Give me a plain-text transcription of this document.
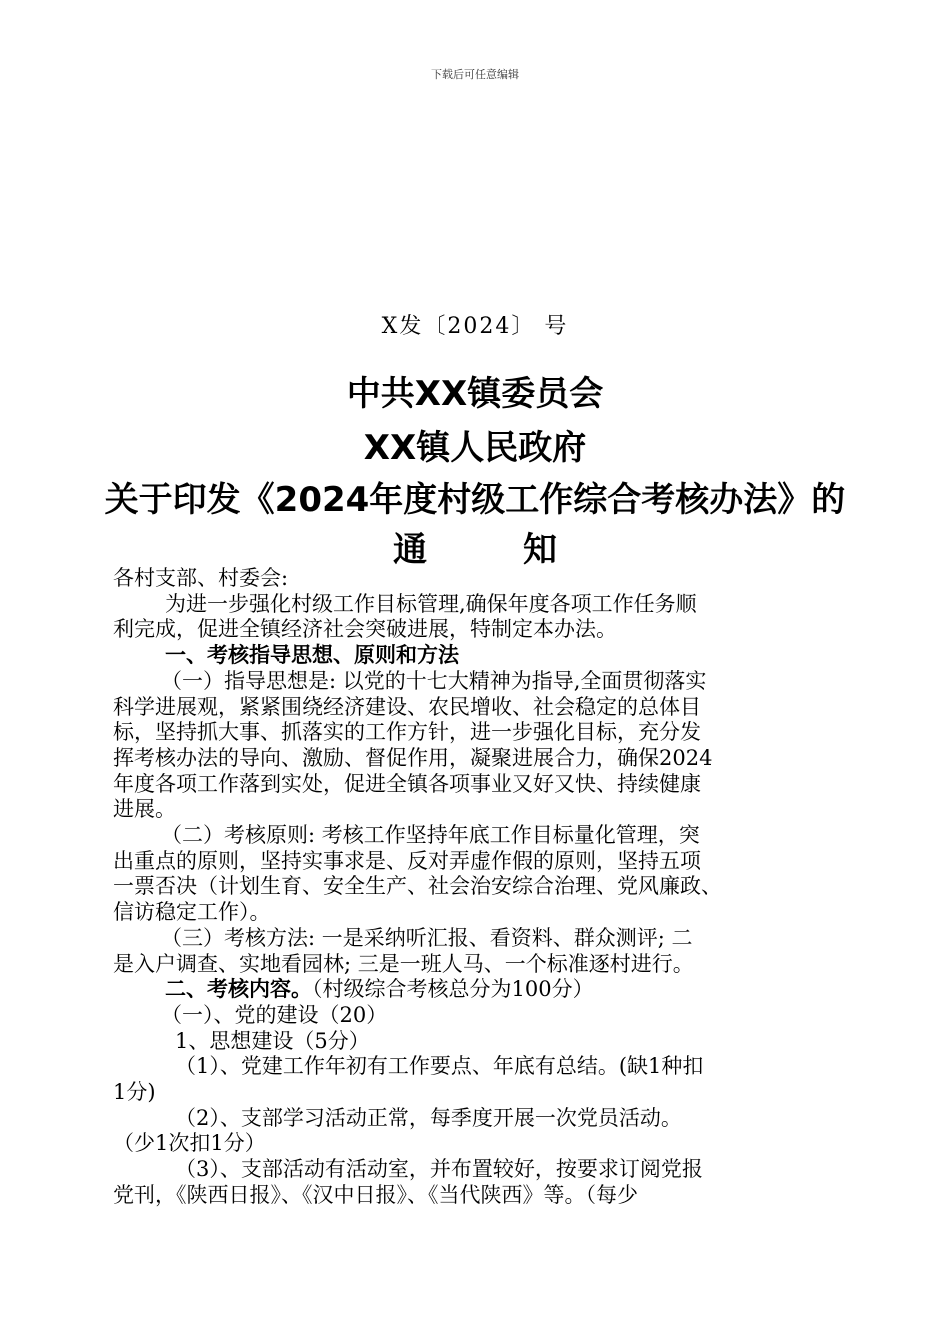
下载后可任意编辑
X发〔2024〕 号
中共XX镇委员会
XX镇人民政府
关于印发《2024年度村级工作综合考核办法》的
通知

各村支部、村委会:

为进一步强化村级工作目标管理,确保年度各项工作任务顺

利完成，促进全镇经济社会突破进展，特制定本办法。

一、考核指导思想、原则和方法

（一）指导思想是: 以党的十七大精神为指导,全面贯彻落实

科学进展观，紧紧围绕经济建设、农民增收、社会稳定的总体目

标，坚持抓大事、抓落实的工作方针，进一步强化目标，充分发

挥考核办法的导向、激励、督促作用，凝聚进展合力，确保2024

年度各项工作落到实处，促进全镇各项事业又好又快、持续健康

进展。

（二）考核原则: 考核工作坚持年底工作目标量化管理，突

出重点的原则，坚持实事求是、反对弄虚作假的原则，坚持五项

一票否决（计划生育、安全生产、社会治安综合治理、党风廉政、

信访稳定工作）。

（三）考核方法: 一是采纳听汇报、看资料、群众测评; 二

是入户调查、实地看园林; 三是一班人马、一个标准逐村进行。

二、考核内容。（村级综合考核总分为100分）

（一）、党的建设（20）

1、思想建设（5分）

（1）、党建工作年初有工作要点、年底有总结。(缺1种扣

1分)

（2）、支部学习活动正常，每季度开展一次党员活动。

（少1次扣1分）

（3）、支部活动有活动室，并布置较好，按要求订阅党报

党刊，《陕西日报》、《汉中日报》、《当代陕西》等。（每少
